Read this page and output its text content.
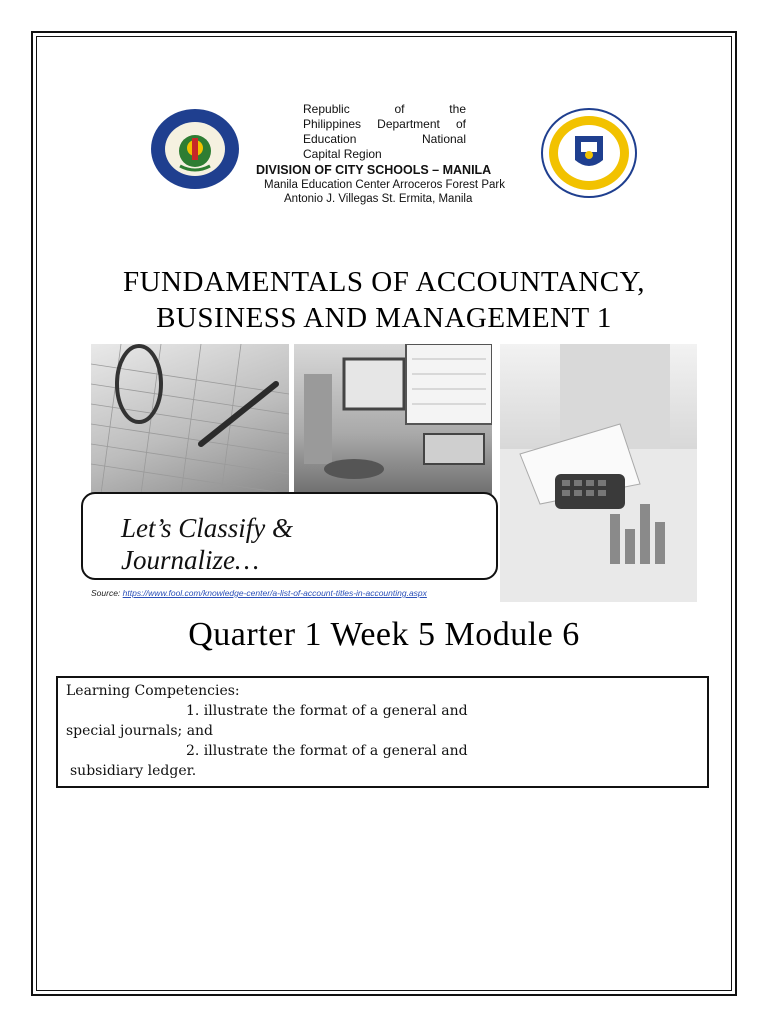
Republic of the
Philippines Department of
Education National
Capital Region
DIVISION OF CITY SCHOOLS – MANILA
Manila Education Center Arroceros Forest Park
Antonio J. Villegas St. Ermita, Manila
FUNDAMENTALS OF ACCOUNTANCY,
BUSINESS AND MANAGEMENT 1
Let’s Classify &
Journalize…
Source: https://www.fool.com/knowledge-center/a-list-of-account-titles-in-accounting.aspx
Quarter 1 Week 5 Module 6
Learning Competencies:
1. illustrate the format of a general and
special journals; and
2. illustrate the format of a general and
subsidiary ledger.
